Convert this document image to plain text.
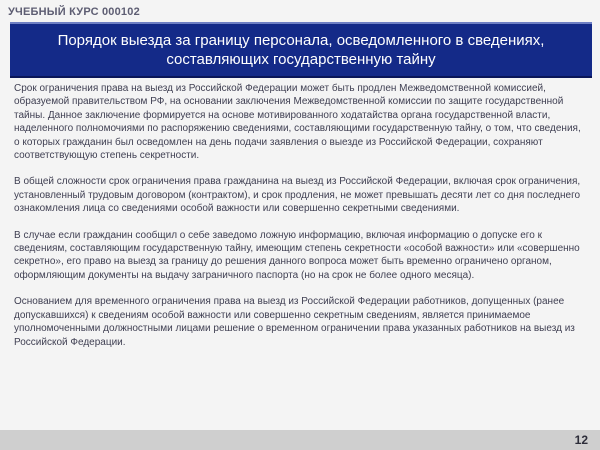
УЧЕБНЫЙ КУРС 000102
Порядок выезда за границу персонала, осведомленного в сведениях, составляющих государственную тайну

Срок ограничения права на выезд из Российской Федерации может быть продлен Межведомственной комиссией, образуемой правительством РФ, на основании заключения Межведомственной комиссии по защите государственной тайны. Данное заключение формируется на основе мотивированного ходатайства органа государственной власти, наделенного полномочиями по распоряжению сведениями, составляющими государственную тайну, о том, что сведения, о которых гражданин был осведомлен на день подачи заявления о выезде из Российской Федерации, сохраняют соответствующую степень секретности.

В общей сложности срок ограничения права гражданина на выезд из Российской Федерации, включая срок ограничения, установленный трудовым договором (контрактом), и срок продления, не может превышать десяти лет со дня последнего ознакомления лица со сведениями особой важности или совершенно секретными сведениями.

В случае если гражданин сообщил о себе заведомо ложную информацию, включая информацию о допуске его к сведениям, составляющим государственную тайну, имеющим степень секретности «особой важности» или «совершенно секретно», его право на выезд за границу до решения данного вопроса может быть временно ограничено органом, оформляющим документы на выдачу заграничного паспорта (но на срок не более одного месяца).

Основанием для временного ограничения права на выезд из Российской Федерации работников, допущенных (ранее допускавшихся) к сведениям особой важности или совершенно секретным сведениям, является принимаемое уполномоченными должностными лицами решение о временном ограничении права указанных работников на выезд из Российской Федерации.

12
